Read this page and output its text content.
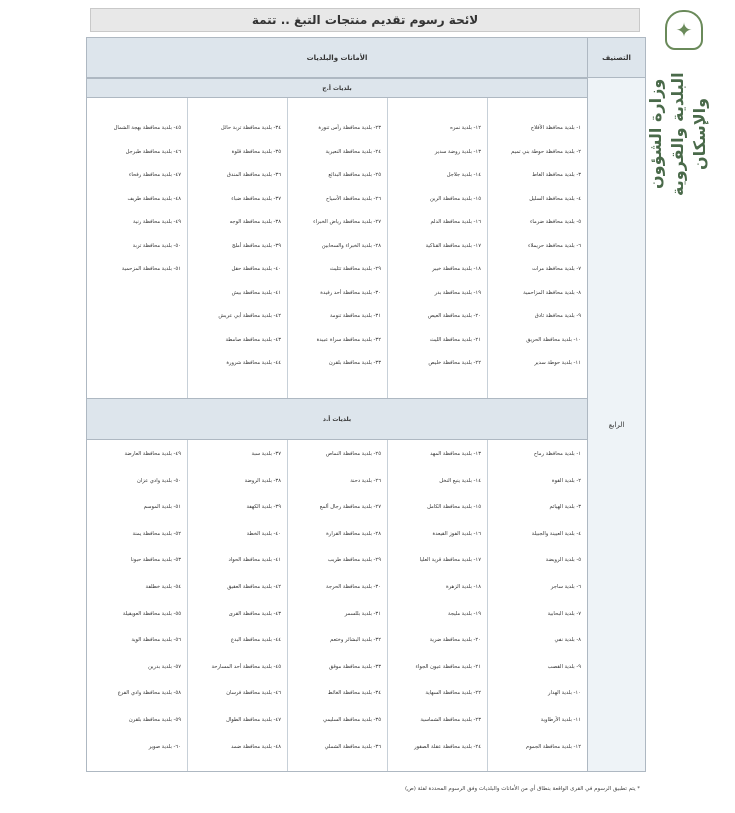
لائحة رسوم تقديم منتجات التبغ .. تتمة	✦
وزارة الشؤون البلدية والقروية والإسكان
التصنيف
الأمانات والبلديات
الرابع
بلديات أ.ج
١- بلدية محافظة الأفلاج
٢- بلدية محافظة حوطة بني تميم
٣- بلدية محافظة الغاط
٤- بلدية محافظة السليل
٥- بلدية محافظة ضرماء
٦- بلدية محافظة حريملاء
٧- بلدية محافظة مرات
٨- بلدية محافظة المزاحمية
٩- بلدية محافظة ثادق
١٠- بلدية محافظة الحريق
١١- بلدية حوطة سدير
١٢- بلدية نمره
١٣- بلدية روضة سدير
١٤- بلدية جلاجل
١٥- بلدية محافظة الرين
١٦- بلدية محافظة الدلم
١٧- بلدية محافظة القناكية
١٨- بلدية محافظة خيبر
١٩- بلدية محافظة بدر
٢٠- بلدية محافظة العيص
٢١- بلدية محافظة الليث
٢٢- بلدية محافظة خليص
٢٣- بلدية محافظة رأس تنورة
٢٤- بلدية محافظة النعيرية
٢٥- بلدية محافظة البدائع
٢٦- بلدية محافظة الأسياح
٢٧- بلدية محافظة رياض الخبراء
٢٨- بلدية الخبراء والسحابين
٢٩- بلدية محافظة تثليث
٣٠- بلدية محافظة أحد رفيدة
٣١- بلدية محافظة تنومة
٣٢- بلدية محافظة سراة عبيدة
٣٣- بلدية محافظة بلقرن
٣٤- بلدية محافظة تربة حائل
٣٥- بلدية محافظة قلوة
٣٦- بلدية محافظة المندق
٣٧- بلدية محافظة ضباء
٣٨- بلدية محافظة الوجه
٣٩- بلدية محافظة أملج
٤٠- بلدية محافظة حقل
٤١- بلدية محافظة بيش
٤٢- بلدية محافظة أبي عريش
٤٣- بلدية محافظة صامطة
٤٤- بلدية محافظة شرورة
٤٥- بلدية محافظة بهجة الشمال
٤٦- بلدية محافظة طبرجل
٤٧- بلدية محافظة رفحاء
٤٨- بلدية محافظة طريف
٤٩- بلدية محافظة رنية
٥٠- بلدية محافظة تربة
٥١- بلدية محافظة المزحمية
بلديات أ.د
١- بلدية محافظة رماح
٢- بلدية القوة
٣- بلدية الهياثم
٤- بلدية العيينة والجبيلة
٥- بلدية الرويضة
٦- بلدية ساجر
٧- بلدية البحابية
٨- بلدية نفي
٩- بلدية القصب
١٠- بلدية الهدار
١١- بلدية الأرطاوية
١٢- بلدية محافظة الجموم
١٣- بلدية محافظة المهد
١٤- بلدية ينبع النخل
١٥- بلدية محافظة الكامل
١٦- بلدية الفوز القيعدة
١٧- بلدية محافظة قرية العليا
١٨- بلدية الزهرة
١٩- بلدية مليجة
٢٠- بلدية محافظة ضرية
٢١- بلدية محافظة عيون الجواء
٢٢- بلدية محافظة السهاية
٢٣- بلدية محافظة الشماسية
٢٤- بلدية محافظة عقلة الصقور
٢٥- بلدية محافظة النماص
٢٦- بلدية دحنة
٢٧- بلدية محافظة رجال ألمع
٢٨- بلدية محافظة القرارة
٢٩- بلدية محافظة طريب
٣٠- بلدية محافظة الحرجة
٣١- بلدية بللسمر
٣٢- بلدية البشائر وخثعم
٣٣- بلدية محافظة موقق
٣٤- بلدية محافظة الغائط
٣٥- بلدية محافظة السليمي
٣٦- بلدية محافظة الشملي
٣٧- بلدية سبة
٣٨- بلدية الروضة
٣٩- بلدية الكهفة
٤٠- بلدية الخطة
٤١- بلدية محافظة الحواد
٤٢- بلدية محافظة العقيق
٤٣- بلدية محافظة القرى
٤٤- بلدية محافظة البدع
٤٥- بلدية محافظة أحد المسارحة
٤٦- بلدية محافظة فرسان
٤٧- بلدية محافظة الطوال
٤٨- بلدية محافظة ضمد
٤٩- بلدية محافظة العارضة
٥٠- بلدية وادي عزان
٥١- بلدية الموسم
٥٢- بلدية محافظة يمنة
٥٣- بلدية محافظة حبونا
٥٤- بلدية خطلفة
٥٥- بلدية محافظة العويقيلة
٥٦- بلدية محافظة الوية
٥٧- بلدية بدرين
٥٨- بلدية محافظة وادي الفرع
٥٩- بلدية محافظة بلقرن
٦٠- بلدية صوير
* يتم تطبيق الرسوم في القرى الواقعة بنطاق أي من الأمانات والبلديات وفق الرسوم المحددة لفئة (ص)
